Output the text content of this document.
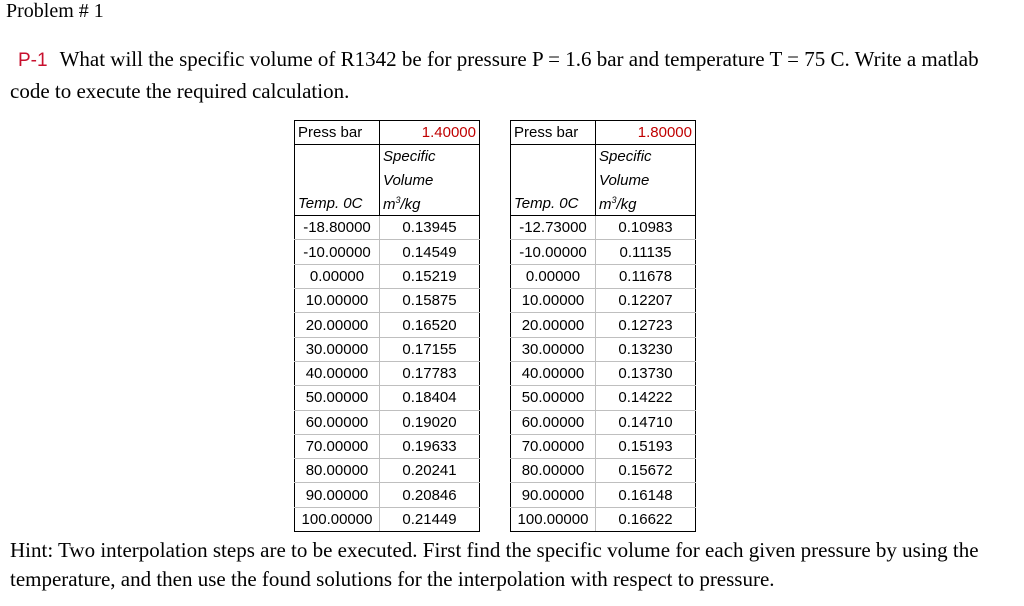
Problem # 1
P-1 What will the specific volume of R1342 be for pressure P = 1.6 bar and temperature T = 75 C. Write a matlab code to execute the required calculation.
Press bar	1.40000
	Specific
	Volume
Temp. 0C	$m^3/kg$
-18.80000	0.13945
-10.00000	0.14549
0.00000	0.15219
10.00000	0.15875
20.00000	0.16520
30.00000	0.17155
40.00000	0.17783
50.00000	0.18404
60.00000	0.19020
70.00000	0.19633
80.00000	0.20241
90.00000	0.20846
100.00000	0.21449
Press bar	1.80000
	Specific
	Volume
Temp. 0C	$m^3/kg$
-12.73000	0.10983
-10.00000	0.11135
0.00000	0.11678
10.00000	0.12207
20.00000	0.12723
30.00000	0.13230
40.00000	0.13730
50.00000	0.14222
60.00000	0.14710
70.00000	0.15193
80.00000	0.15672
90.00000	0.16148
100.00000	0.16622
Hint: Two interpolation steps are to be executed. First find the specific volume for each given pressure by using the temperature, and then use the found solutions for the interpolation with respect to pressure.
